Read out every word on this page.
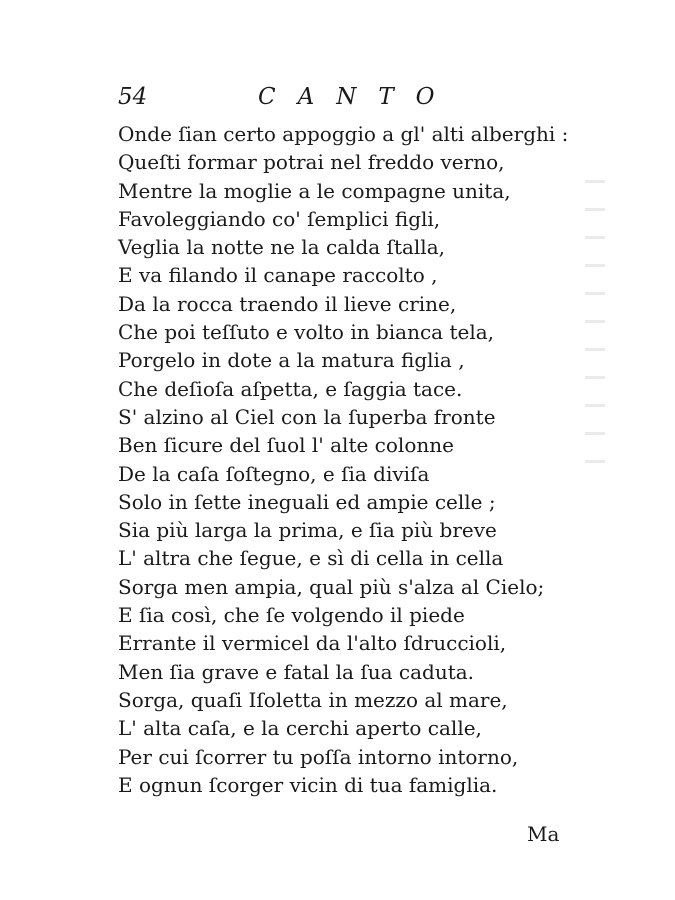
54	CANTO
Onde ſian certo appoggio a gl' alti alberghi :
Queſti formar potrai nel freddo verno,
Mentre la moglie a le compagne unita,
Favoleggiando co' ſemplici figli,
Veglia la notte ne la calda ſtalla,
E va filando il canape raccolto ,
Da la rocca traendo il lieve crine,
Che poi teſſuto e volto in bianca tela,
Porgelo in dote a la matura figlia ,
Che deſioſa aſpetta, e ſaggia tace.
S' alzino al Ciel con la ſuperba fronte
Ben ſicure del ſuol l' alte colonne
De la caſa ſoſtegno, e ſia diviſa
Solo in ſette ineguali ed ampie celle ;
Sia più larga la prima, e ſia più breve
L' altra che ſegue, e sì di cella in cella
Sorga men ampia, qual più s'alza al Cielo;
E ſia così, che ſe volgendo il piede
Errante il vermicel da l'alto ſdruccioli,
Men ſia grave e fatal la ſua caduta.
Sorga, quaſi Iſoletta in mezzo al mare,
L' alta caſa, e la cerchi aperto calle,
Per cui ſcorrer tu poſſa intorno intorno,
E ognun ſcorger vicin di tua famiglia.
Ma
